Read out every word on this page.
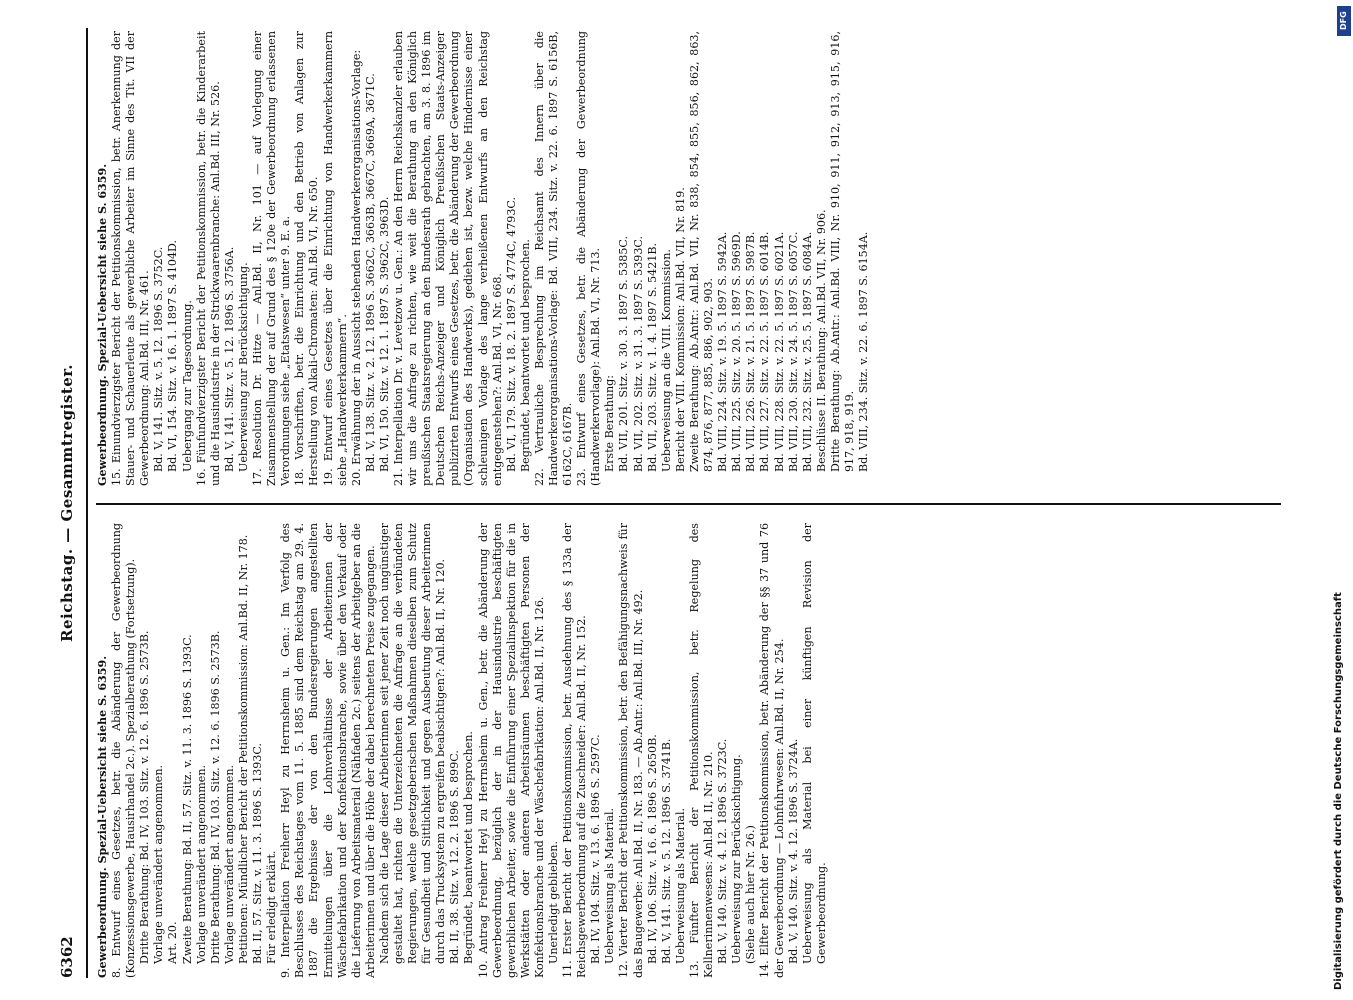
6362
Reichstag. — Gesammtregister.
Gewerbeordnung. Spezial-Uebersicht siehe S. 6359. 8. Entwurf eines Gesetzes, betr. die Abänderung der Gewerbeordnung (Konzessionsgewerbe, Hausirhandel 2c.). Spezialberathung (Fortsetzung). Dritte Berathung: Bd. IV, 103. Sitz. v. 12. 6. 1896 S. 2573B. Vorlage unverändert angenommen. Art. 20. Zweite Berathung: Bd. II, 57. Sitz. v. 11. 3. 1896 S. 1393C. Vorlage unverändert angenommen. Dritte Berathung: Bd. IV, 103. Sitz. v. 12. 6. 1896 S. 2573B. Vorlage unverändert angenommen. Petitionen: Mündlicher Bericht der Petitionskommission: Anl.Bd. II, Nr. 178. Bd. II, 57. Sitz. v. 11. 3. 1896 S. 1393C. Für erledigt erklärt. 9. Interpellation Freiherr Heyl zu Herrnsheim u. Gen.: Im Verfolg des Beschlusses des Reichstages vom 11. 5. 1885 sind dem Reichstag am 29. 4. 1887 die Ergebnisse der von den Bundesregierungen angestellten Ermittelungen über die Lohnverhältnisse der Arbeiterinnen der Wäschefabrikation und der Konfektionsbranche, sowie über den Verkauf oder die Lieferung von Arbeitsmaterial (Nähfaden 2c.) seitens der Arbeitgeber an die Arbeiterinnen und über die Höhe der dabei berechneten Preise zugegangen. Nachdem sich die Lage dieser Arbeiterinnen seit jener Zeit noch ungünstiger gestaltet hat, richten die Unterzeichneten die Anfrage an die verbündeten Regierungen, welche gesetzgeberischen Maßnahmen dieselben zum Schutz für Gesundheit und Sittlichkeit und gegen Ausbeutung dieser Arbeiterinnen durch das Trucksystem zu ergreifen beabsichtigen?: Anl.Bd. II, Nr. 120. Bd. II, 38. Sitz. v. 12. 2. 1896 S. 899C. Begründet, beantwortet und besprochen. 10. Antrag Freiherr Heyl zu Herrnsheim u. Gen., betr. die Abänderung der Gewerbeordnung, bezüglich der in der Hausindustrie beschäftigten gewerblichen Arbeiter, sowie die Einführung einer Spezialinspektion für die in Werkstätten oder anderen Arbeitsräumen beschäftigten Personen der Konfektionsbranche und der Wäschefabrikation: Anl.Bd. II, Nr. 126. Unerledigt geblieben. 11. Erster Bericht der Petitionskommission, betr. Ausdehnung des § 133a der Reichsgewerbeordnung auf die Zuschneider: Anl.Bd. II, Nr. 152. Bd. IV, 104. Sitz. v. 13. 6. 1896 S. 2597C. Ueberweisung als Material. 12. Vierter Bericht der Petitionskommission, betr. den Befähigungsnachweis für das Baugewerbe: Anl.Bd. II, Nr. 183. — Ab.Antr.: Anl.Bd. III, Nr. 492. Bd. IV, 106. Sitz. v. 16. 6. 1896 S. 2650B. Bd. V, 141. Sitz. v. 5. 12. 1896 S. 3741B. Ueberweisung als Material. 13. Fünfter Bericht der Petitionskommission, betr. Regelung des Kellnerinnenwesens: Anl.Bd. II, Nr. 210. Bd. V, 140. Sitz. v. 4. 12. 1896 S. 3723C. Ueberweisung zur Berücksichtigung. (Siehe auch hier Nr. 26.) 14. Elfter Bericht der Petitionskommission, betr. Abänderung der §§ 37 und 76 der Gewerbeordnung — Lohnfuhrwesen: Anl.Bd. II, Nr. 254. Bd. V, 140. Sitz. v. 4. 12. 1896 S. 3724A. Ueberweisung als Material bei einer künftigen Revision der Gewerbeordnung.
Gewerbeordnung. Spezial-Uebersicht siehe S. 6359. 15. Einundvierzigster Bericht der Petitionskommission, betr. Anerkennung der Stauer- und Schauerleute als gewerbliche Arbeiter im Sinne des Tit. VII der Gewerbeordnung: Anl.Bd. III, Nr. 461. Bd. V, 141. Sitz. v. 5. 12. 1896 S. 3752C. Bd. VI, 154. Sitz. v. 16. 1. 1897 S. 4104D. Uebergang zur Tagesordnung. 16. Fünfundvierzigster Bericht der Petitionskommission, betr. die Kinderarbeit und die Hausindustrie in der Strickwaarenbranche: Anl.Bd. III, Nr. 526. Bd. V, 141. Sitz. v. 5. 12. 1896 S. 3756A. Ueberweisung zur Berücksichtigung. 17. Resolution Dr. Hitze — Anl.Bd. II, Nr. 101 — auf Vorlegung einer Zusammenstellung der auf Grund des § 120e der Gewerbeordnung erlassenen Verordnungen siehe „Etatswesen“ unter 9. E. a. 18. Vorschriften, betr. die Einrichtung und den Betrieb von Anlagen zur Herstellung von Alkali-Chromaten: Anl.Bd. VI, Nr. 650. 19. Entwurf eines Gesetzes über die Einrichtung von Handwerkerkammern siehe „Handwerkerkammern“. 20. Erwähnung der in Aussicht stehenden Handwerkerorganisations-Vorlage: Bd. V, 138. Sitz. v. 2. 12. 1896 S. 3662C, 3663B, 3667C, 3669A, 3671C. Bd. VI, 150. Sitz. v. 12. 1. 1897 S. 3962C, 3963D. 21. Interpellation Dr. v. Levetzow u. Gen.: An den Herrn Reichskanzler erlauben wir uns die Anfrage zu richten, wie weit die Berathung an den Königlich preußischen Staatsregierung an den Bundesrath gebrachten, am 3. 8. 1896 im Deutschen Reichs-Anzeiger und Königlich Preußischen Staats-Anzeiger publizirten Entwurfs eines Gesetzes, betr. die Abänderung der Gewerbeordnung (Organisation des Handwerks), gediehen ist, bezw. welche Hindernisse einer schleunigen Vorlage des lange verheißenen Entwurfs an den Reichstag entgegenstehen?: Anl.Bd. VI, Nr. 668. Bd. VI, 179. Sitz. v. 18. 2. 1897 S. 4774C, 4793C. Begründet, beantwortet und besprochen. 22. Vertrauliche Besprechung im Reichsamt des Innern über die Handwerkerorganisations-Vorlage: Bd. VIII, 234. Sitz. v. 22. 6. 1897 S. 6156B, 6162C, 6167B. 23. Entwurf eines Gesetzes, betr. die Abänderung der Gewerbeordnung (Handwerkervorlage): Anl.Bd. VI, Nr. 713. Erste Berathung: Bd. VII, 201. Sitz. v. 30. 3. 1897 S. 5385C. Bd. VII, 202. Sitz. v. 31. 3. 1897 S. 5393C. Bd. VII, 203. Sitz. v. 1. 4. 1897 S. 5421B. Ueberweisung an die VIII. Kommission. Bericht der VIII. Kommission: Anl.Bd. VII, Nr. 819. Zweite Berathung: Ab.Antr.: Anl.Bd. VII, Nr. 838, 854, 855, 856, 862, 863, 874, 876, 877, 885, 886, 902, 903. Bd. VIII, 224. Sitz. v. 19. 5. 1897 S. 5942A. Bd. VIII, 225. Sitz. v. 20. 5. 1897 S. 5969D. Bd. VIII, 226. Sitz. v. 21. 5. 1897 S. 5987B. Bd. VIII, 227. Sitz. v. 22. 5. 1897 S. 6014B. Bd. VIII, 228. Sitz. v. 22. 5. 1897 S. 6021A. Bd. VIII, 230. Sitz. v. 24. 5. 1897 S. 6057C. Bd. VIII, 232. Sitz. v. 25. 5. 1897 S. 6084A. Beschlüsse II. Berathung: Anl.Bd. VII, Nr. 906. Dritte Berathung: Ab.Antr.: Anl.Bd. VIII, Nr. 910, 911, 912, 913, 915, 916, 917, 918, 919. Bd. VIII, 234. Sitz. v. 22. 6. 1897 S. 6154A.
DFG
Digitalisierung gefördert durch die Deutsche Forschungsgemeinschaft
